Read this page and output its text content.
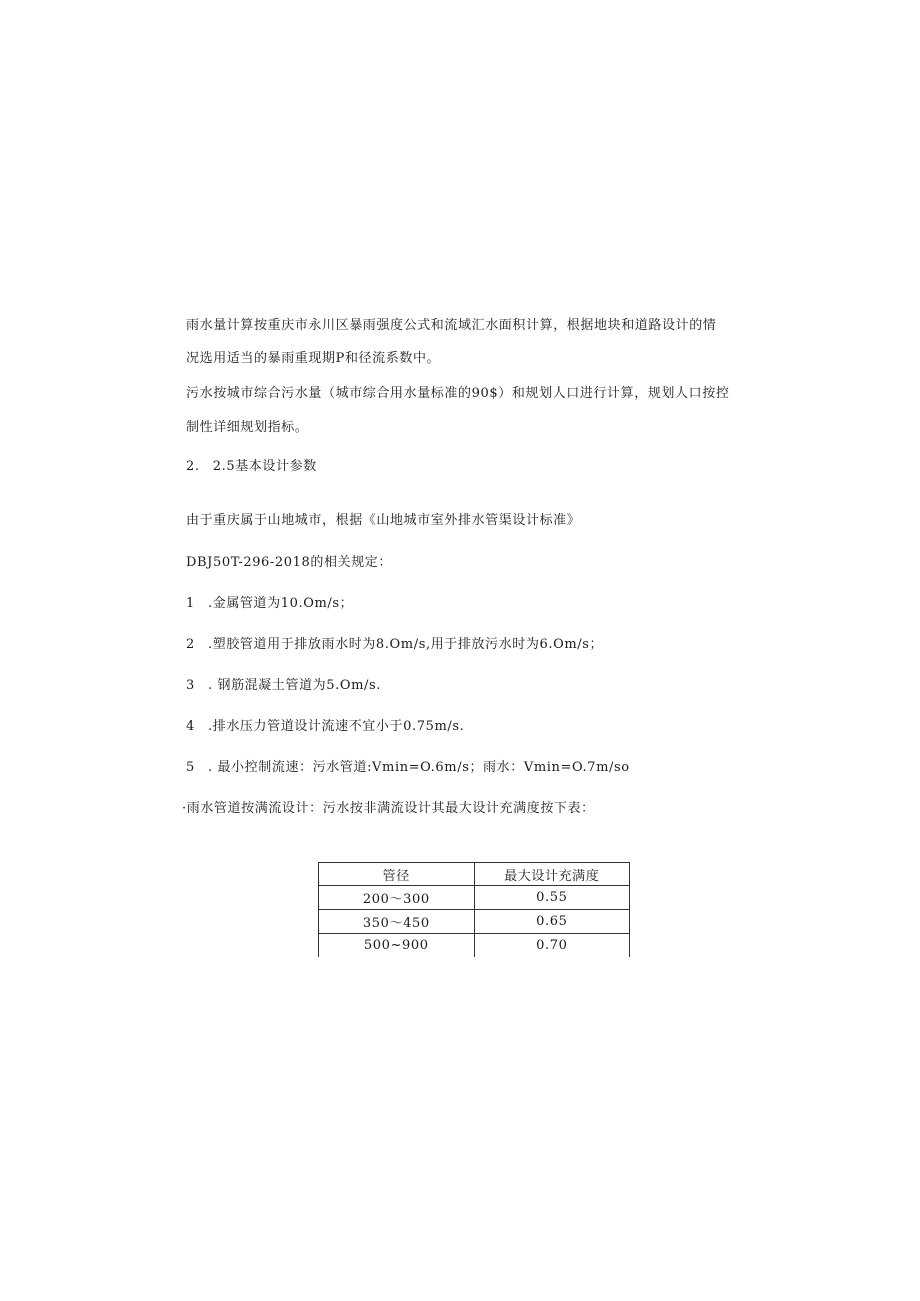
雨水量计算按重庆市永川区暴雨强度公式和流域汇水面积计算，根据地块和道路设计的情
况选用适当的暴雨重现期P和径流系数中。
污水按城市综合污水量（城市综合用水量标准的90$）和规划人口进行计算，规划人口按控
制性详细规划指标。
2. 2.5基本设计参数
由于重庆属于山地城市，根据《山地城市室外排水管渠设计标准》
DBJ50T-296-2018的相关规定：
1 .金属管道为10.Om/s；
2 .塑胶管道用于排放雨水时为8.Om/s,用于排放污水时为6.Om/s；
3 . 钢筋混凝土管道为5.Om/s.
4 .排水压力管道设计流速不宜小于0.75m∕s.
5 . 最小控制流速：污水管道:Vmin=O.6m/s；雨水：Vmin=O.7m∕so
·雨水管道按满流设计：污水按非满流设计其最大设计充满度按下表：
管径	最大设计充满度
200～300	0.55
350～450	0.65
500~900	0.70
